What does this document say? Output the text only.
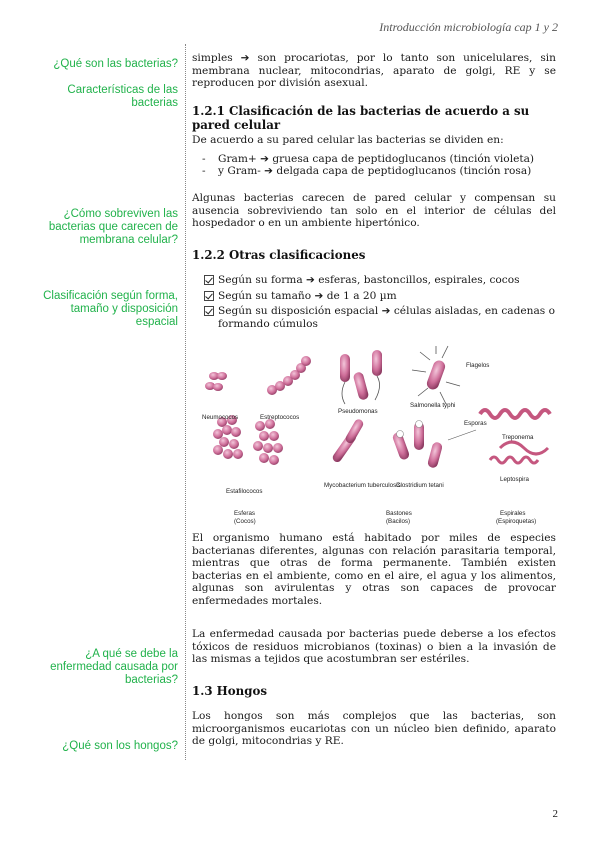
Introducción microbiología cap 1 y 2
¿Qué son las bacterias?
Características de las bacterias
¿Cómo sobreviven las bacterias que carecen de membrana celular?
Clasificación según forma, tamaño y disposición espacial
¿A qué se debe la enfermedad causada por bacterias?
¿Qué son los hongos?
simples ➔ son procariotas, por lo tanto son unicelulares, sin membrana nuclear, mitocondrias, aparato de golgi, RE y se reproducen por división asexual.
1.2.1 Clasificación de las bacterias de acuerdo a su pared celular
De acuerdo a su pared celular las bacterias se dividen en:
-	Gram+ ➔ gruesa capa de peptidoglucanos (tinción violeta)
-	y Gram- ➔ delgada capa de peptidoglucanos (tinción rosa)
Algunas bacterias carecen de pared celular y compensan su ausencia sobreviviendo tan solo en el interior de células del hospedador o en un ambiente hipertónico.
1.2.2 Otras clasificaciones
Según su forma ➔ esferas, bastoncillos, espirales, cocos
Según su tamaño ➔ de 1 a 20 µm
Según su disposición espacial ➔ células aisladas, en cadenas o formando cúmulos
Neumococos	Estreptococos
Pseudomonas
Salmonella typhi
Flagelos
Estafilococos
Mycobacterium tuberculosis
Clostridium tetani
Esporas
Treponema
Leptospira
Esferas
(Cocos)
Bastones
(Bacilos)
Espirales
(Espiroquetas)
El organismo humano está habitado por miles de especies bacterianas diferentes, algunas con relación parasitaria temporal, mientras que otras de forma permanente. También existen bacterias en el ambiente, como en el aire, el agua y los alimentos, algunas son avirulentas y otras son capaces de provocar enfermedades mortales.
La enfermedad causada por bacterias puede deberse a los efectos tóxicos de residuos microbianos (toxinas) o bien a la invasión de las mismas a tejidos que acostumbran ser estériles.
1.3 Hongos
Los hongos son más complejos que las bacterias, son microorganismos eucariotas con un núcleo bien definido, aparato de golgi, mitocondrias y RE.
2
